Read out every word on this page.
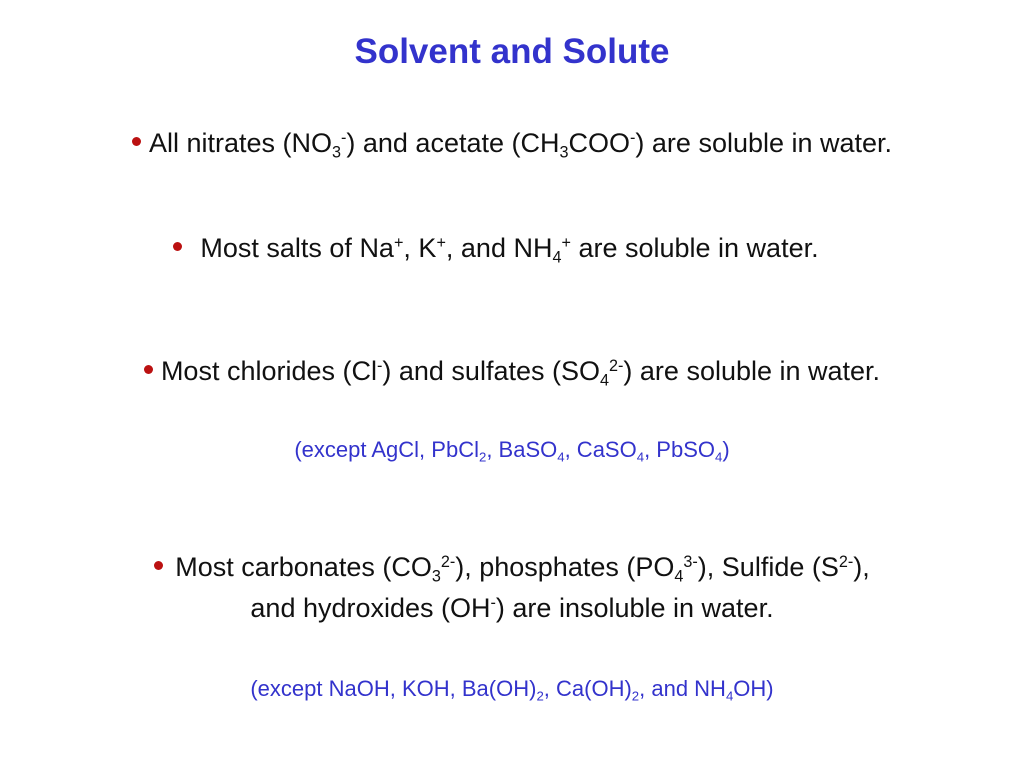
Solvent and Solute
All nitrates $(NO_3^-)$ and acetate $(CH_3COO^-)$ are soluble in water.
Most salts of Na+, K+, and $NH_4^+$ are soluble in water.
Most chlorides (Cl-) and sulfates $(SO_4^{2-})$ are soluble in water.
(except AgCl, PbCl$_2$, BaSO$_4$, CaSO$_4$, PbSO$_4$)
Most carbonates $(CO_3^{2-})$, phosphates $(PO_4^{3-})$, Sulfide $(S^{2-})$,
and hydroxides (OH-) are insoluble in water.
(except NaOH, KOH, $Ba(OH)_2$, $Ca(OH)_2$, and $NH_4OH$)
